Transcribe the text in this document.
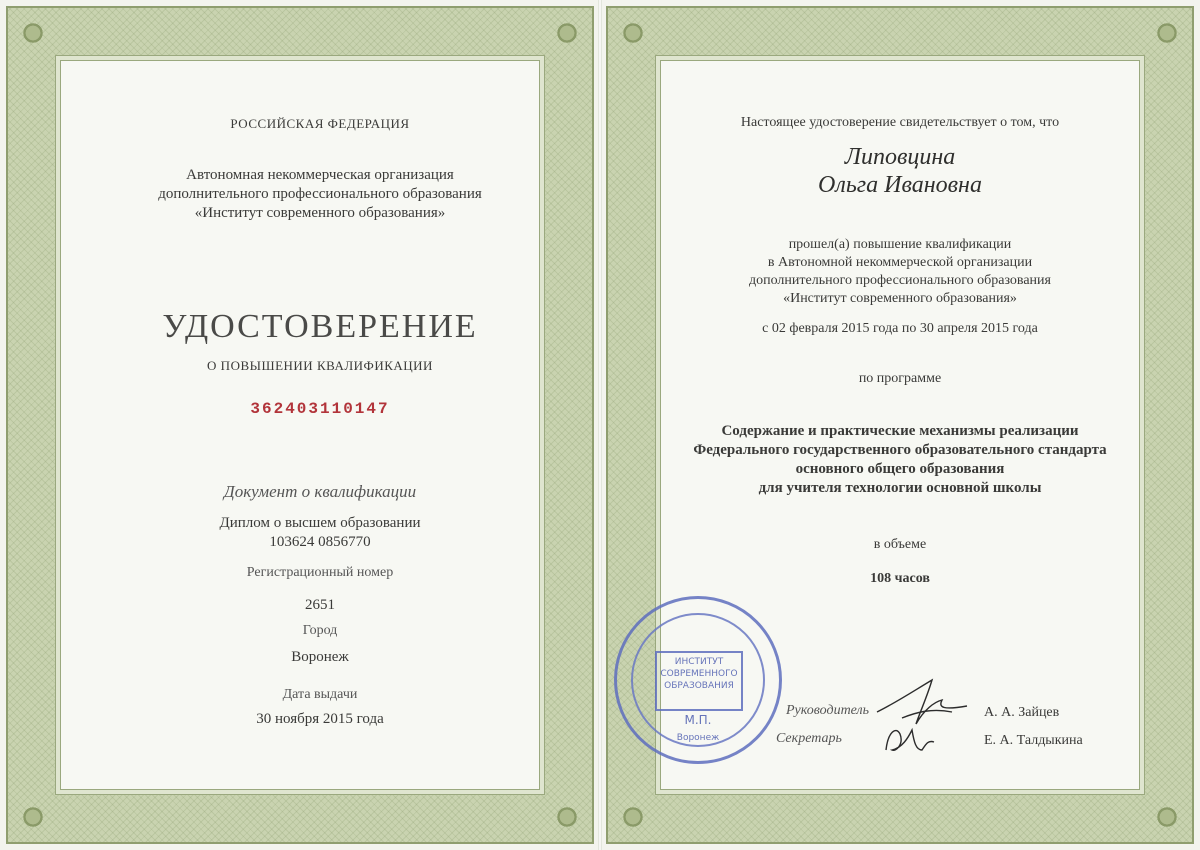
РОССИЙСКАЯ ФЕДЕРАЦИЯ
Автономная некоммерческая организация
дополнительного профессионального образования
«Институт современного образования»
УДОСТОВЕРЕНИЕ
О ПОВЫШЕНИИ КВАЛИФИКАЦИИ
362403110147
Документ о квалификации
Диплом о высшем образовании
103624 0856770
Регистрационный номер
2651
Город
Воронеж
Дата выдачи
30 ноября 2015 года
Настоящее удостоверение свидетельствует о том, что
Липовцина
Ольга Ивановна
прошел(а) повышение квалификации
в Автономной некоммерческой организации
дополнительного профессионального образования
«Институт современного образования»
с 02 февраля 2015 года по 30 апреля 2015 года
по программе
Содержание и практические механизмы реализации
Федерального государственного образовательного стандарта
основного общего образования
для учителя технологии основной школы
в объеме
108 часов
ИНСТИТУТ
СОВРЕМЕННОГО
ОБРАЗОВАНИЯ
М.П.
Воронеж
Руководитель
Секретарь
А. А. Зайцев
Е. А. Талдыкина
